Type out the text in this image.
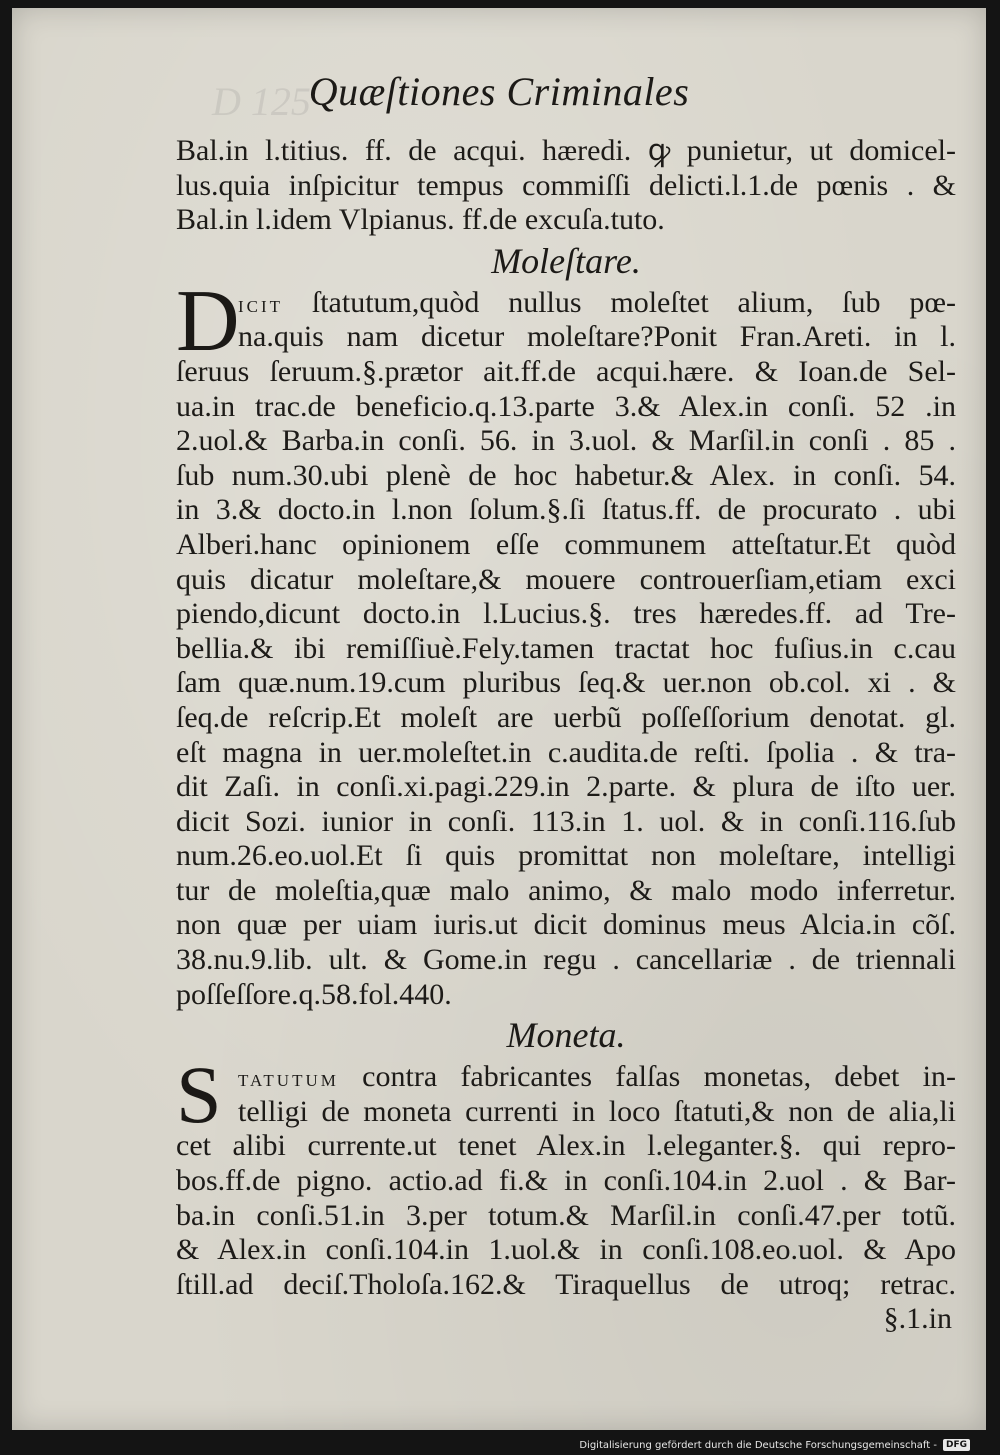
D 125
Quæſtiones Criminales
Bal.in l.titius. ff. de acqui. hæredi. ꝙ punietur, ut domicel-
lus.quia inſpicitur tempus commiſſi delicti.l.1.de pœnis . &
Bal.in l.idem Vlpianus. ff.de excuſa.tuto.
Moleſtare.
D
icit ſtatutum,quòd nullus moleſtet alium, ſub pœ-
na.quis nam dicetur moleſtare?Ponit Fran.Areti. in l.
ſeruus ſeruum.§.prætor ait.ff.de acqui.hære. & Ioan.de Sel-
ua.in trac.de beneficio.q.13.parte 3.& Alex.in conſi. 52 .in
2.uol.& Barba.in conſi. 56. in 3.uol. & Marſil.in conſi . 85 .
ſub num.30.ubi plenè de hoc habetur.& Alex. in conſi. 54.
in 3.& docto.in l.non ſolum.§.ſi ſtatus.ff. de procurato . ubi
Alberi.hanc opinionem eſſe communem atteſtatur.Et quòd
quis dicatur moleſtare,& mouere controuerſiam,etiam exci
piendo,dicunt docto.in l.Lucius.§. tres hæredes.ff. ad Tre-
bellia.& ibi remiſſiuè.Fely.tamen tractat hoc fuſius.in c.cau
ſam quæ.num.19.cum pluribus ſeq.& uer.non ob.col. xi . &
ſeq.de reſcrip.Et moleſt are uerbũ poſſeſſorium denotat. gl.
eſt magna in uer.moleſtet.in c.audita.de reſti. ſpolia . & tra-
dit Zaſi. in conſi.xi.pagi.229.in 2.parte. & plura de iſto uer.
dicit Sozi. iunior in conſi. 113.in 1. uol. & in conſi.116.ſub
num.26.eo.uol.Et ſi quis promittat non moleſtare, intelligi
tur de moleſtia,quæ malo animo, & malo modo inferretur.
non quæ per uiam iuris.ut dicit dominus meus Alcia.in cõſ.
38.nu.9.lib. ult. & Gome.in regu . cancellariæ . de triennali
poſſeſſore.q.58.fol.440.
Moneta.
S tatutum contra fabricantes falſas monetas, debet in-
telligi de moneta currenti in loco ſtatuti,& non de alia,li
cet alibi currente.ut tenet Alex.in l.eleganter.§. qui repro-
bos.ff.de pigno. actio.ad fi.& in conſi.104.in 2.uol . & Bar-
ba.in conſi.51.in 3.per totum.& Marſil.in conſi.47.per totũ.
& Alex.in conſi.104.in 1.uol.& in conſi.108.eo.uol. & Apo
ſtill.ad deciſ.Tholoſa.162.& Tiraquellus de utroq; retrac.
§.1.in
Digitalisierung gefördert durch die Deutsche Forschungsgemeinschaft -	DFG
